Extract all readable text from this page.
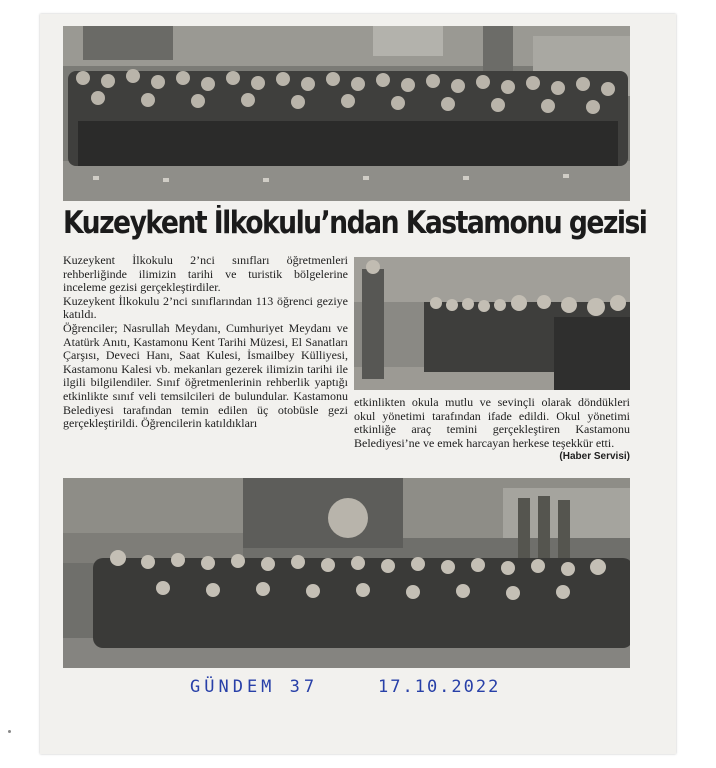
Kuzeykent İlkokulu’ndan Kastamonu gezisi

Kuzeykent İlkokulu 2’nci sınıfları öğretmenleri rehberliğinde ilimizin tarihi ve turistik bölgelerine inceleme gezisi gerçekleştirdiler.

Kuzeykent İlkokulu 2’nci sınıflarından 113 öğrenci geziye katıldı.

Öğrenciler; Nasrullah Meydanı, Cumhuriyet Meydanı ve Atatürk Anıtı, Kastamonu Kent Tarihi Müzesi, El Sanatları Çarşısı, Deveci Hanı, Saat Kulesi, İsmailbey Külliyesi, Kastamonu Kalesi vb. mekanları gezerek ilimizin tarihi ile ilgili bilgilendiler. Sınıf öğretmenlerinin rehberlik yaptığı etkinlikte sınıf veli temsilcileri de bulundular. Kastamonu Belediyesi tarafından temin edilen üç otobüsle gezi gerçekleştirildi. Öğrencilerin katıldıkları

etkinlikten okula mutlu ve sevinçli olarak döndükleri okul yönetimi tarafından ifade edildi. Okul yönetimi etkinliğe araç temini gerçekleştiren Kastamonu Belediyesi’ne ve emek harcayan herkese teşekkür etti.
(Haber Servisi)

GÜNDEM 37	17.10.2022
